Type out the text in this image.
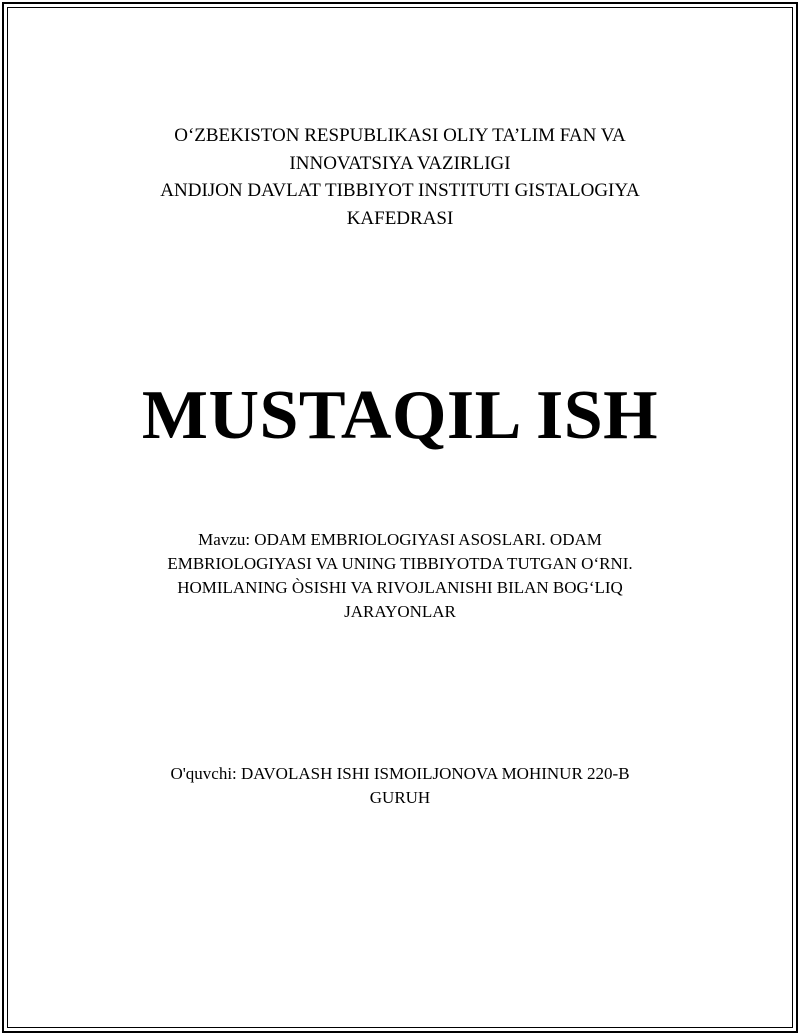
O‘ZBEKISTON RESPUBLIKASI OLIY TA’LIM FAN VA
INNOVATSIYA VAZIRLIGI
ANDIJON DAVLAT TIBBIYOT INSTITUTI GISTALOGIYA
KAFEDRASI
MUSTAQIL ISH
Mavzu: ODAM EMBRIOLOGIYASI ASOSLARI. ODAM
EMBRIOLOGIYASI VA UNING TIBBIYOTDA TUTGAN O‘RNI.
HOMILANING ÒSISHI VA RIVOJLANISHI BILAN BOG‘LIQ
JARAYONLAR
O'quvchi: DAVOLASH ISHI ISMOILJONOVA MOHINUR 220-B
GURUH
